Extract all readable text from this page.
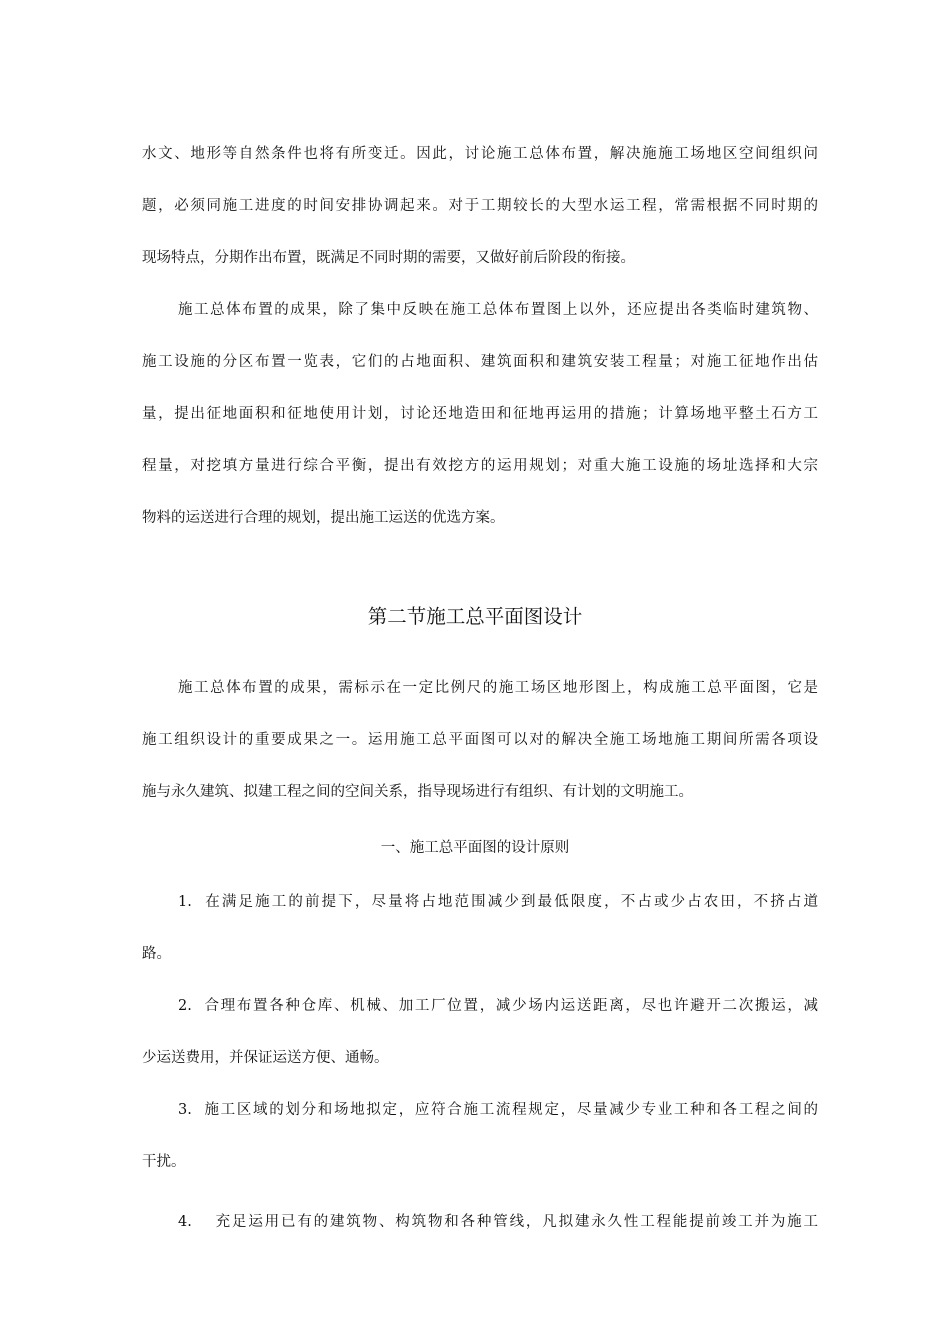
水文、地形等自然条件也将有所变迁。因此，讨论施工总体布置，解决施施工场地区空间组织问
题，必须同施工进度的时间安排协调起来。对于工期较长的大型水运工程，常需根据不同时期的
现场特点，分期作出布置，既满足不同时期的需要，又做好前后阶段的衔接。
施工总体布置的成果，除了集中反映在施工总体布置图上以外，还应提出各类临时建筑物、
施工设施的分区布置一览表，它们的占地面积、建筑面积和建筑安装工程量；对施工征地作出估
量，提出征地面积和征地使用计划，讨论还地造田和征地再运用的措施；计算场地平整土石方工
程量，对挖填方量进行综合平衡，提出有效挖方的运用规划；对重大施工设施的场址选择和大宗
物料的运送进行合理的规划，提出施工运送的优选方案。
第二节施工总平面图设计
施工总体布置的成果，需标示在一定比例尺的施工场区地形图上，构成施工总平面图，它是
施工组织设计的重要成果之一。运用施工总平面图可以对的解决全施工场地施工期间所需各项设
施与永久建筑、拟建工程之间的空间关系，指导现场进行有组织、有计划的文明施工。
一、施工总平面图的设计原则
1. 在满足施工的前提下，尽量将占地范围减少到最低限度，不占或少占农田，不挤占道
路。
2. 合理布置各种仓库、机械、加工厂位置，减少场内运送距离，尽也许避开二次搬运，减
少运送费用，并保证运送方便、通畅。
3. 施工区域的划分和场地拟定，应符合施工流程规定，尽量减少专业工种和各工程之间的
干扰。
4. 充足运用已有的建筑物、构筑物和各种管线，凡拟建永久性工程能提前竣工并为施工
